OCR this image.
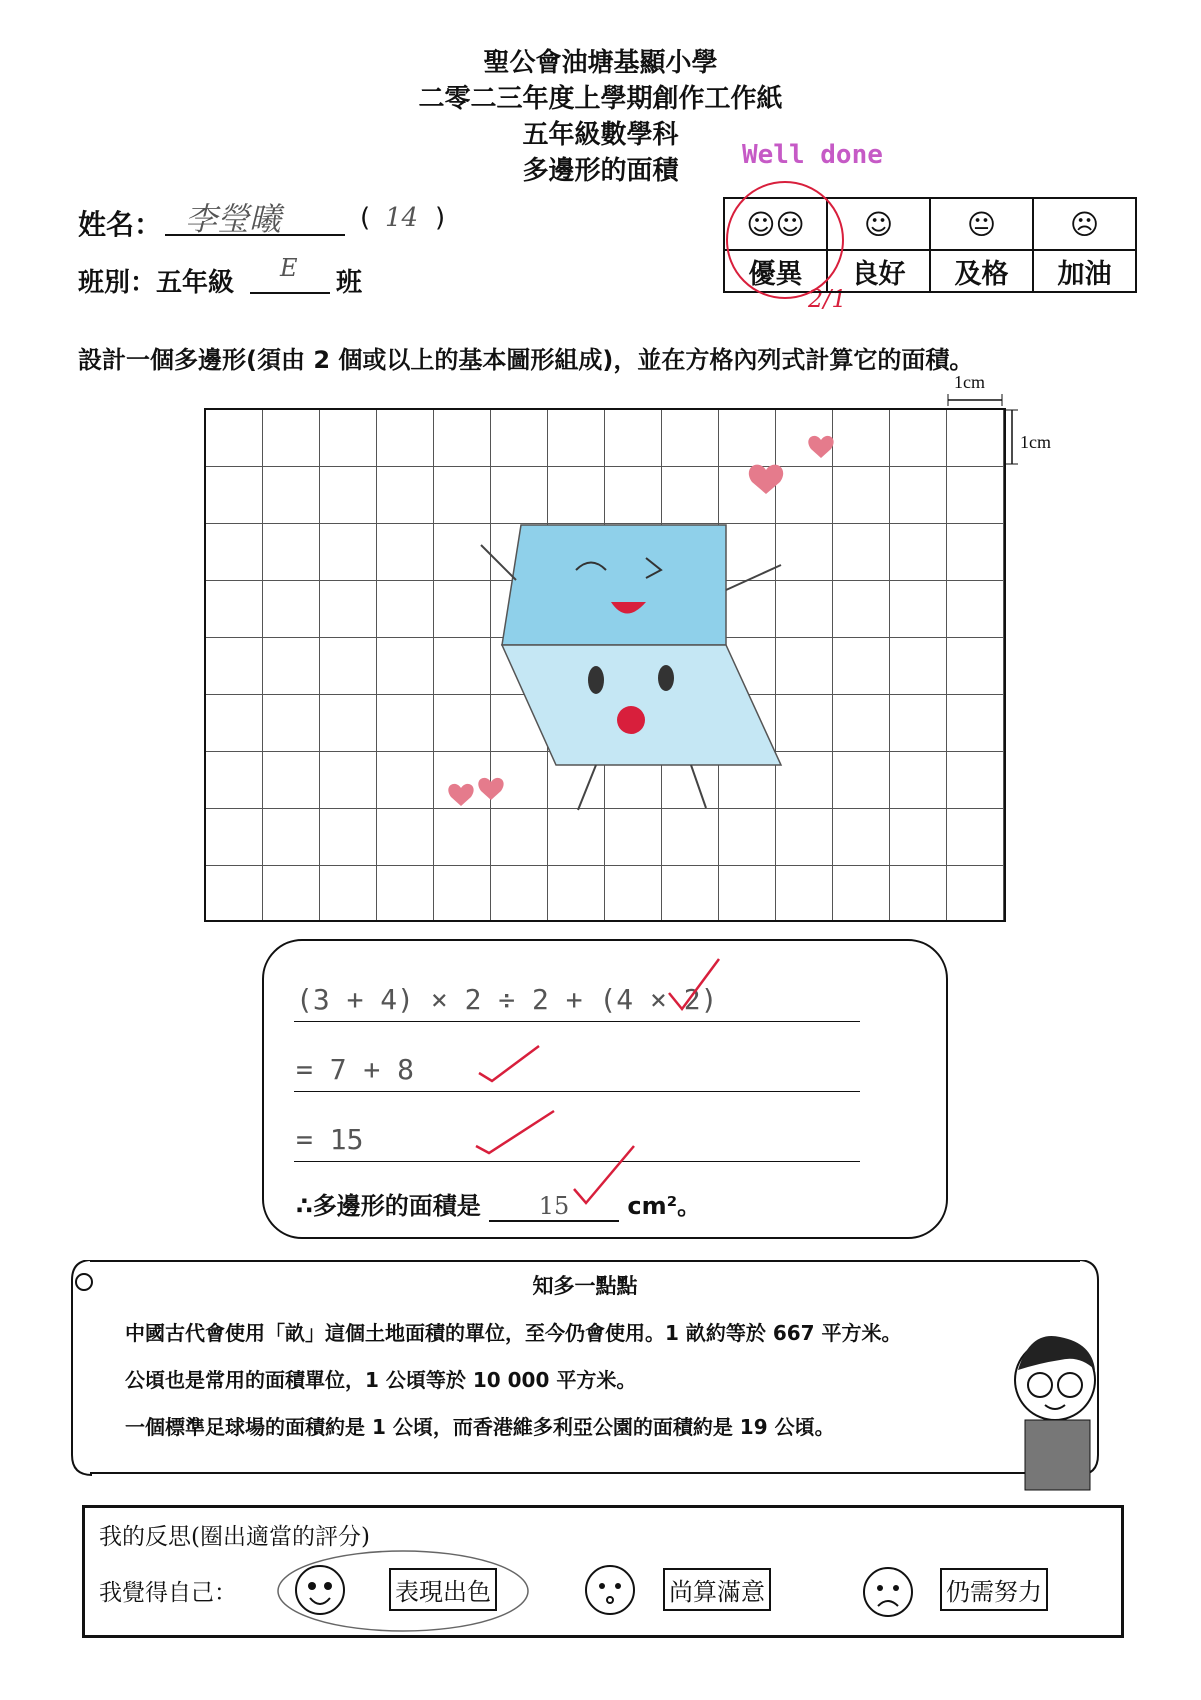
聖公會油塘基顯小學
二零二三年度上學期創作工作紙
五年級數學科
多邊形的面積
Well done
2/1
姓名： 李瑩曦	( 14 )
班別：五年級 E 班
☺☺	☺	😐	☹
優異	良好	及格	加油
設計一個多邊形(須由 2 個或以上的基本圖形組成)，並在方格內列式計算它的面積。
1cm
1cm
(3 + 4) × 2 ÷ 2 + (4 × 2)
= 7 + 8
= 15
∴多邊形的面積是 15 cm²。
知多一點點
中國古代會使用「畝」這個土地面積的單位，至今仍會使用。1 畝約等於 667 平方米。
公頃也是常用的面積單位，1 公頃等於 10 000 平方米。
一個標準足球場的面積約是 1 公頃，而香港維多利亞公園的面積約是 19 公頃。
我的反思(圈出適當的評分)
我覺得自己：	表現出色	尚算滿意	仍需努力
